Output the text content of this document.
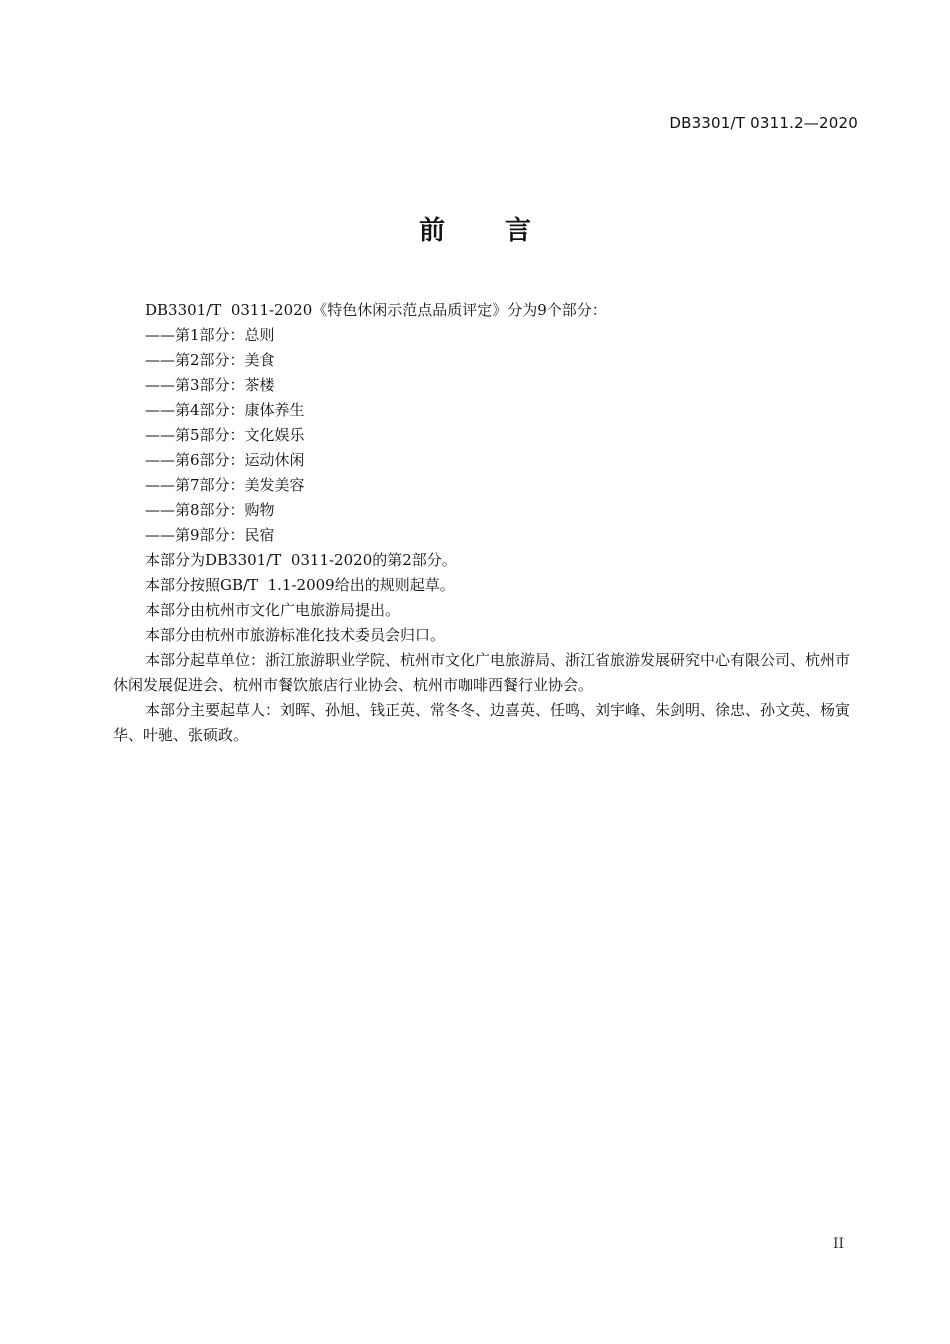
DB3301/T 0311.2—2020
前 言

DB3301/T  0311-2020《特色休闲示范点品质评定》分为9个部分：

——第1部分：总则

——第2部分：美食

——第3部分：茶楼

——第4部分：康体养生

——第5部分：文化娱乐

——第6部分：运动休闲

——第7部分：美发美容

——第8部分：购物

——第9部分：民宿

本部分为DB3301/T  0311-2020的第2部分。

本部分按照GB/T  1.1-2009给出的规则起草。

本部分由杭州市文化广电旅游局提出。

本部分由杭州市旅游标准化技术委员会归口。

本部分起草单位：浙江旅游职业学院、杭州市文化广电旅游局、浙江省旅游发展研究中心有限公司、杭州市休闲发展促进会、杭州市餐饮旅店行业协会、杭州市咖啡西餐行业协会。

本部分主要起草人：刘晖、孙旭、钱正英、常冬冬、边喜英、任鸣、刘宇峰、朱剑明、徐忠、孙文英、杨寅华、叶驰、张硕政。

II
